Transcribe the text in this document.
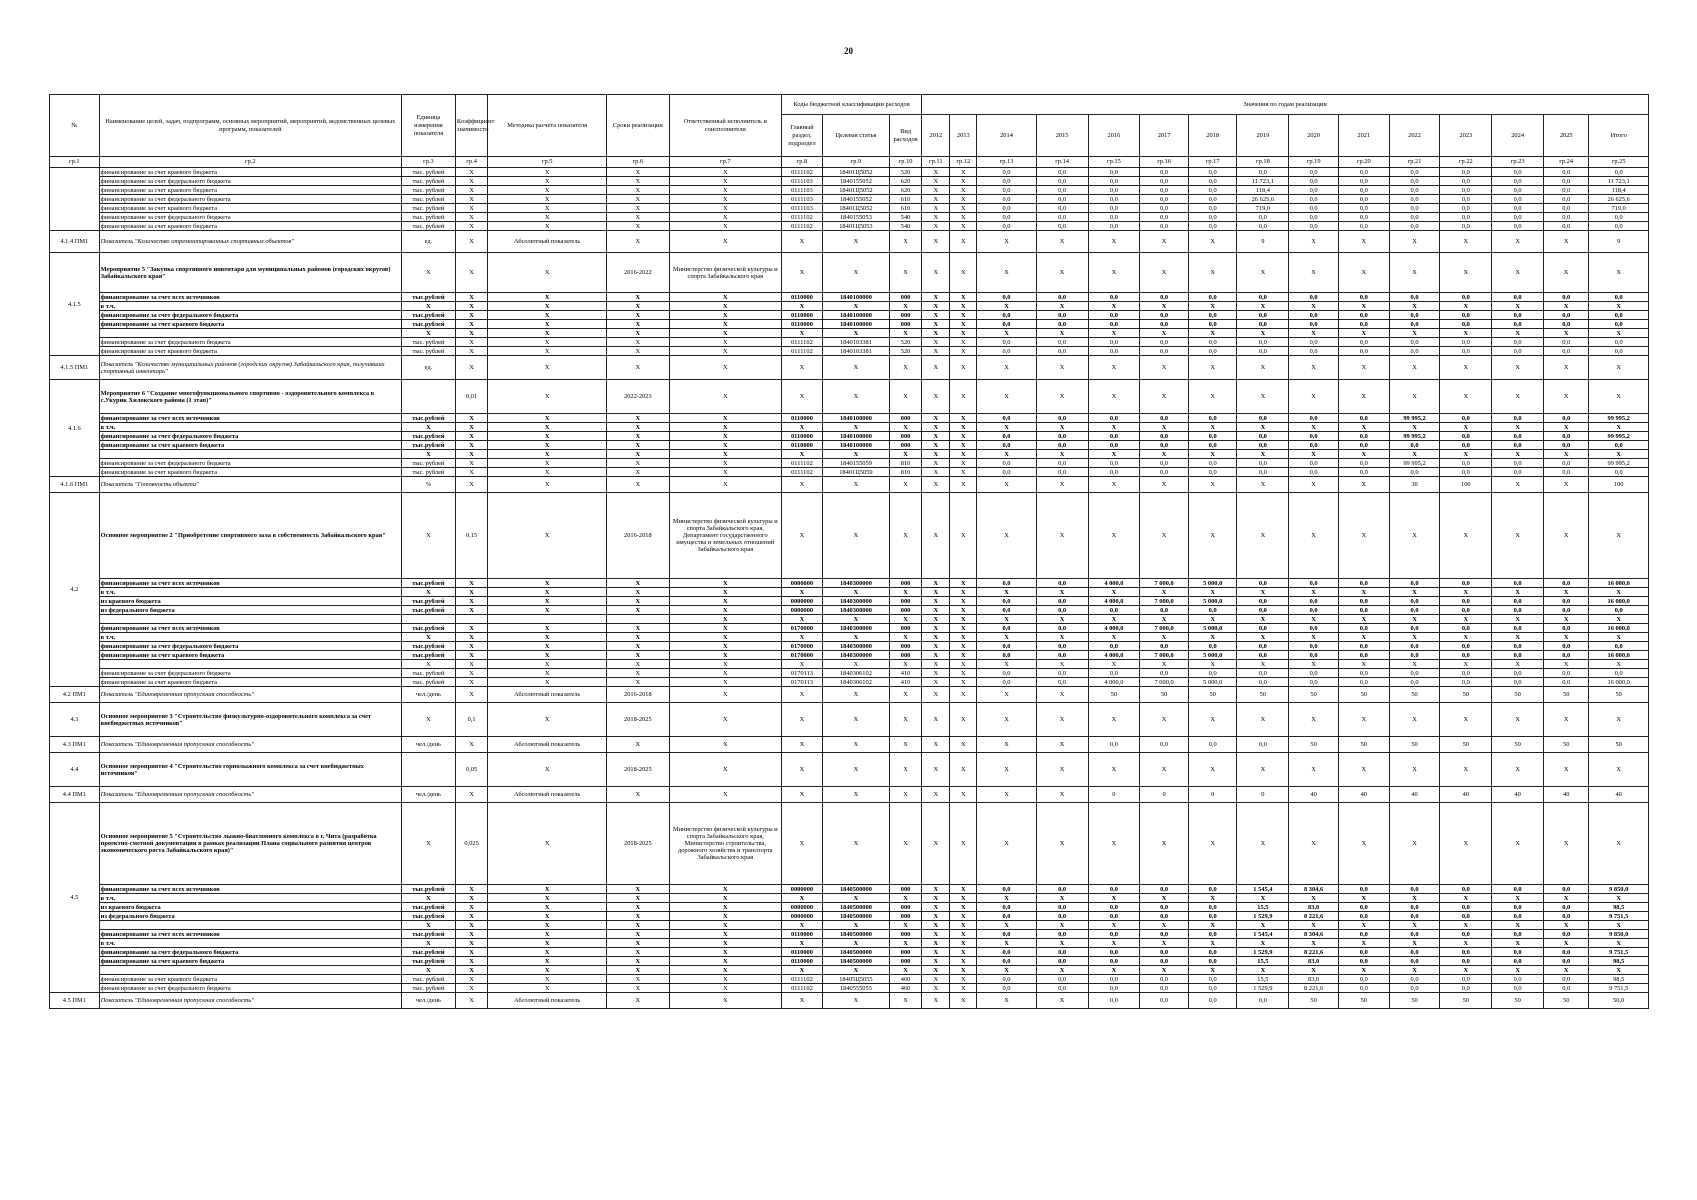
20
№	Наименование целей, задач, подпрограмм, основных мероприятий, мероприятий, ведомственных целевых программ, показателей	Единица измерения показателя	Коэффициент значимости	Методика расчета показателя	Сроки реализации	Ответственный исполнитель и соисполнители	Коды бюджетной классификации расходов			Значения по годам реализации														
							Главный раздел, подраздел	Целевая статья	Вид расходов	2012	2013	2014	2015	2016	2017	2018	2019	2020	2021	2022	2023	2024	2025	Итого
гр.1	гр.2	гр.3	гр.4	гр.5	гр.6	гр.7	гр.8	гр.9	гр.10	гр.11	гр.12	гр.13	гр.14	гр.15	гр.16	гр.17	гр.18	гр.19	гр.20	гр.21	гр.22	гр.23	гр.24	гр.25
	финансирование за счет краевого бюджета	тыс. рублей	X	X	X	X	0111102	18401Ц5052	520	X	X	0,0	0,0	0,0	0,0	0,0	0,0	0,0	0,0	0,0	0,0	0,0	0,0	0,0
	финансирование за счет федерального бюджета	тыс. рублей	X	X	X	X	0111103	1840155052	620	X	X	0,0	0,0	0,0	0,0	0,0	11 723,1	0,0	0,0	0,0	0,0	0,0	0,0	11 723,1
	финансирование за счет краевого бюджета	тыс. рублей	X	X	X	X	0111103	18401Ц5052	620	X	X	0,0	0,0	0,0	0,0	0,0	118,4	0,0	0,0	0,0	0,0	0,0	0,0	118,4
	финансирование за счет федерального бюджета	тыс. рублей	X	X	X	X	0111103	1840155052	610	X	X	0,0	0,0	0,0	0,0	0,0	26 625,6	0,0	0,0	0,0	0,0	0,0	0,0	26 625,6
	финансирование за счет краевого бюджета	тыс. рублей	X	X	X	X	0111103	18401Ц5052	610	X	X	0,0	0,0	0,0	0,0	0,0	719,0	0,0	0,0	0,0	0,0	0,0	0,0	719,0
	финансирование за счет федерального бюджета	тыс. рублей	X	X	X	X	0111102	1840155053	540	X	X	0,0	0,0	0,0	0,0	0,0	0,0	0,0	0,0	0,0	0,0	0,0	0,0	0,0
	финансирование за счет краевого бюджета	тыс. рублей	X	X	X	X	0111102	18401Ц5053	540	X	X	0,0	0,0	0,0	0,0	0,0	0,0	0,0	0,0	0,0	0,0	0,0	0,0	0,0
4.1.4 ПМ1	Показатель "Количество отремонтированных спортивных объектов"	ед.	X	Абсолютный показатель	X	X	X	X	X	X	X	X	X	X	X	X	9	X	X	X	X	X	X	9
4.1.5	Мероприятие 5 "Закупка спортивного инвентаря для муниципальных районов (городских округов) Забайкальского края"	X	X	X	2016-2022	Министерство физической культуры и спорта Забайкальского края	X	X	X	X	X	X	X	X	X	X	X	X	X	X	X	X	X	X
	финансирование за счет всех источников	тыс.рублей	X	X	X	X	0110000	1840100000	000	X	X	0,0	0,0	0,0	0,0	0,0	0,0	0,0	0,0	0,0	0,0	0,0	0,0	0,0
	в т.ч.	X	X	X	X	X	X	X	X	X	X	X	X	X	X	X	X	X	X	X	X	X	X	X
	финансирование за счет федерального бюджета	тыс.рублей	X	X	X	X	0110000	1840100000	000	X	X	0,0	0,0	0,0	0,0	0,0	0,0	0,0	0,0	0,0	0,0	0,0	0,0	0,0
	финансирование за счет краевого бюджета	тыс.рублей	X	X	X	X	0110000	1840100000	000	X	X	0,0	0,0	0,0	0,0	0,0	0,0	0,0	0,0	0,0	0,0	0,0	0,0	0,0
		X	X	X	X	X	X	X	X	X	X	X	X	X	X	X	X	X	X	X	X	X	X	X
	финансирование за счет федерального бюджета	тыс. рублей	X	X	X	X	0111102	1840103381	520	X	X	0,0	0,0	0,0	0,0	0,0	0,0	0,0	0,0	0,0	0,0	0,0	0,0	0,0
	финансирование за счет краевого бюджета	тыс. рублей	X	X	X	X	0111102	1840103381	520	X	X	0,0	0,0	0,0	0,0	0,0	0,0	0,0	0,0	0,0	0,0	0,0	0,0	0,0
4.1.5 ПМ1	Показатель "Количество муниципальных районов (городских округов) Забайкальского края, получивших спортивный инвентарь"	ед.	X	X	X	X	X	X	X	X	X	X	X	X	X	X	X	X	X	X	X	X	X	X
4.1.6	Мероприятие 6 "Создание многофункционального спортивно - оздоровительного комплекса в с.Укурик Хилокского района (1 этап)"		0,01	X	2022-2023	X	X	X	X	X	X	X	X	X	X	X	X	X	X	X	X	X	X	X
	финансирование за счет всех источников	тыс.рублей	X	X	X	X	0110000	1840100000	000	X	X	0,0	0,0	0,0	0,0	0,0	0,0	0,0	0,0	99 995,2	0,0	0,0	0,0	99 995,2
	в т.ч.	X	X	X	X	X	X	X	X	X	X	X	X	X	X	X	X	X	X	X	X	X	X	X
	финансирование за счет федерального бюджета	тыс.рублей	X	X	X	X	0110000	1840100000	000	X	X	0,0	0,0	0,0	0,0	0,0	0,0	0,0	0,0	99 995,2	0,0	0,0	0,0	99 995,2
	финансирование за счет краевого бюджета	тыс.рублей	X	X	X	X	0110000	1840100000	000	X	X	0,0	0,0	0,0	0,0	0,0	0,0	0,0	0,0	0,0	0,0	0,0	0,0	0,0
		X	X	X	X	X	X	X	X	X	X	X	X	X	X	X	X	X	X	X	X	X	X	X
	финансирование за счет федерального бюджета	тыс. рублей	X	X	X	X	0111102	1840155059	810	X	X	0,0	0,0	0,0	0,0	0,0	0,0	0,0	0,0	99 995,2	0,0	0,0	0,0	99 995,2
	финансирование за счет краевого бюджета	тыс. рублей	X	X	X	X	0111102	18401Ц5059	810	X	X	0,0	0,0	0,0	0,0	0,0	0,0	0,0	0,0	0,0	0,0	0,0	0,0	0,0
4.1.6 ПМ1	Показатель "Готовность объекта"	%	X	X	X	X	X	X	X	X	X	X	X	X	X	X	X	X	X	30	100	X	X	100
4.2	Основное мероприятие 2 "Приобретение спортивного зала в собственность Забайкальского края"	X	0,15	X	2016-2018	Министерство физической культуры и спорта Забайкальского края, Департамент государственного имущества и земельных отношений Забайкальского края	X	X	X	X	X	X	X	X	X	X	X	X	X	X	X	X	X	X
	финансирование за счет всех источников	тыс.рублей	X	X	X	X	0000000	1840300000	000	X	X	0,0	0,0	4 000,0	7 000,0	5 000,0	0,0	0,0	0,0	0,0	0,0	0,0	0,0	16 000,0
	в т.ч.	X	X	X	X	X	X	X	X	X	X	X	X	X	X	X	X	X	X	X	X	X	X	X
	из краевого бюджета	тыс.рублей	X	X	X	X	0000000	1840300000	000	X	X	0,0	0,0	4 000,0	7 000,0	5 000,0	0,0	0,0	0,0	0,0	0,0	0,0	0,0	16 000,0
	из федерального бюджета	тыс.рублей	X	X	X	X	0000000	1840300000	000	X	X	0,0	0,0	0,0	0,0	0,0	0,0	0,0	0,0	0,0	0,0	0,0	0,0	0,0
						X	X	X	X	X	X	X	X	X	X	X	X	X	X	X	X	X	X	X
	финансирование за счет всех источников	тыс.рублей	X	X	X	X	0170000	1840300000	000	X	X	0,0	0,0	4 000,0	7 000,0	5 000,0	0,0	0,0	0,0	0,0	0,0	0,0	0,0	16 000,0
	в т.ч.	X	X	X	X	X	X	X	X	X	X	X	X	X	X	X	X	X	X	X	X	X	X	X
	финансирование за счет федерального бюджета	тыс.рублей	X	X	X	X	0170000	1840300000	000	X	X	0,0	0,0	0,0	0,0	0,0	0,0	0,0	0,0	0,0	0,0	0,0	0,0	0,0
	финансирование за счет краевого бюджета	тыс.рублей	X	X	X	X	0170000	1840300000	000	X	X	0,0	0,0	4 000,0	7 000,0	5 000,0	0,0	0,0	0,0	0,0	0,0	0,0	0,0	16 000,0
		X	X	X	X	X	X	X	X	X	X	X	X	X	X	X	X	X	X	X	X	X	X	X
	финансирование за счет федерального бюджета	тыс. рублей	X	X	X	X	0170113	1840306102	410	X	X	0,0	0,0	0,0	0,0	0,0	0,0	0,0	0,0	0,0	0,0	0,0	0,0	0,0
	финансирование за счет краевого бюджета	тыс. рублей	X	X	X	X	0170113	1840306102	410	X	X	0,0	0,0	4 000,0	7 000,0	5 000,0	0,0	0,0	0,0	0,0	0,0	0,0	0,0	16 000,0
4.2 ПМ1	Показатель "Единовременная пропускная способность"	чел./день	X	Абсолютный показатель	2016-2018	X	X	X	X	X	X	X	X	50	50	50	50	50	50	50	50	50	50	50
4.3	Основное мероприятие 3 "Строительство физкультурно-оздоровительного комплекса за счет внебюджетных источников"	X	0,1	X	2018-2025	X	X	X	X	X	X	X	X	X	X	X	X	X	X	X	X	X	X	X
4.3 ПМ1	Показатель "Единовременная пропускная способность"	чел./день	X	Абсолютный показатель	X	X	X	X	X	X	X	X	X	0,0	0,0	0,0	0,0	50	50	50	50	50	50	50
4.4	Основное мероприятие 4 "Строительство горнолыжного комплекса за счет внебюджетных источников"		0,05	X	2018-2025	X	X	X	X	X	X	X	X	X	X	X	X	X	X	X	X	X	X	X
4.4 ПМ1	Показатель "Единовременная пропускная способность"	чел./день	X	Абсолютный показатель	X	X	X	X	X	X	X	X	X	0	0	0	0	40	40	40	40	40	40	40
4.5	Основное мероприятие 5 "Строительство лыжно-биатлонного комплекса в г. Чита (разработка проектно-сметной документации в рамках реализации Плана социального развития центров экономического роста Забайкальского края)"	X	0,025	X	2018-2025	Министерство физической культуры и спорта Забайкальского края, Министерство строительства, дорожного хозяйства и транспорта Забайкальского края	X	X	X	X	X	X	X	X	X	X	X	X	X	X	X	X	X	X
	финансирование за счет всех источников	тыс.рублей	X	X	X	X	0000000	1840500000	000	X	X	0,0	0,0	0,0	0,0	0,0	1 545,4	8 304,6	0,0	0,0	0,0	0,0	0,0	9 850,0
	в т.ч.	X	X	X	X	X	X	X	X	X	X	X	X	X	X	X	X	X	X	X	X	X	X	X
	из краевого бюджета	тыс.рублей	X	X	X	X	0000000	1840500000	000	X	X	0,0	0,0	0,0	0,0	0,0	15,5	83,0	0,0	0,0	0,0	0,0	0,0	98,5
	из федерального бюджета	тыс.рублей	X	X	X	X	0000000	1840500000	000	X	X	0,0	0,0	0,0	0,0	0,0	1 529,9	8 221,6	0,0	0,0	0,0	0,0	0,0	9 751,5
		X	X	X	X	X	X	X	X	X	X	X	X	X	X	X	X	X	X	X	X	X	X	X
	финансирование за счет всех источников	тыс.рублей	X	X	X	X	0110000	1840500000	000	X	X	0,0	0,0	0,0	0,0	0,0	1 545,4	8 304,6	0,0	0,0	0,0	0,0	0,0	9 850,0
	в т.ч.	X	X	X	X	X	X	X	X	X	X	X	X	X	X	X	X	X	X	X	X	X	X	X
	финансирование за счет федерального бюджета	тыс.рублей	X	X	X	X	0110000	1840500000	000	X	X	0,0	0,0	0,0	0,0	0,0	1 529,9	8 221,6	0,0	0,0	0,0	0,0	0,0	9 751,5
	финансирование за счет краевого бюджета	тыс.рублей	X	X	X	X	0110000	1840500000	000	X	X	0,0	0,0	0,0	0,0	0,0	15,5	83,0	0,0	0,0	0,0	0,0	0,0	98,5
		X	X	X	X	X	X	X	X	X	X	X	X	X	X	X	X	X	X	X	X	X	X	X
	финансирование за счет краевого бюджета	тыс. рублей	X	X	X	X	0111102	18405Ц5055	460	X	X	0,0	0,0	0,0	0,0	0,0	15,5	83,0	0,0	0,0	0,0	0,0	0,0	98,5
	финансирование за счет федерального бюджета	тыс. рублей	X	X	X	X	0111102	1840555055	460	X	X	0,0	0,0	0,0	0,0	0,0	1 529,9	8 221,6	0,0	0,0	0,0	0,0	0,0	9 751,5
4.5 ПМ1	Показатель "Единовременная пропускная способность"	чел./день	X	Абсолютный показатель	X	X	X	X	X	X	X	X	X	0,0	0,0	0,0	0,0	50	50	50	50	50	50	50,0
